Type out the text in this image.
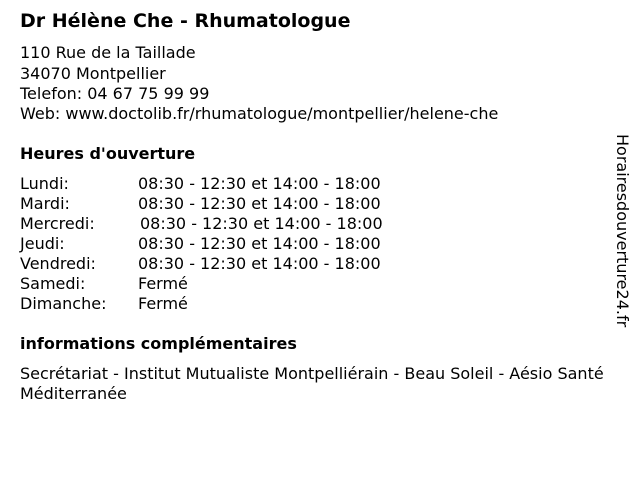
Dr Hélène Che - Rhumatologue
110 Rue de la Taillade
34070 Montpellier
Telefon: 04 67 75 99 99
Web: www.doctolib.fr/rhumatologue/montpellier/helene-che
Heures d'ouverture
Lundi:	08:30 - 12:30 et 14:00 - 18:00
Mardi:	08:30 - 12:30 et 14:00 - 18:00
Mercredi:	08:30 - 12:30 et 14:00 - 18:00
Jeudi:	08:30 - 12:30 et 14:00 - 18:00
Vendredi:	08:30 - 12:30 et 14:00 - 18:00
Samedi:	Fermé
Dimanche: Fermé
informations complémentaires
Secrétariat - Institut Mutualiste Montpelliérain - Beau Soleil - Aésio Santé Méditerranée
Horairesdouverture24.fr
